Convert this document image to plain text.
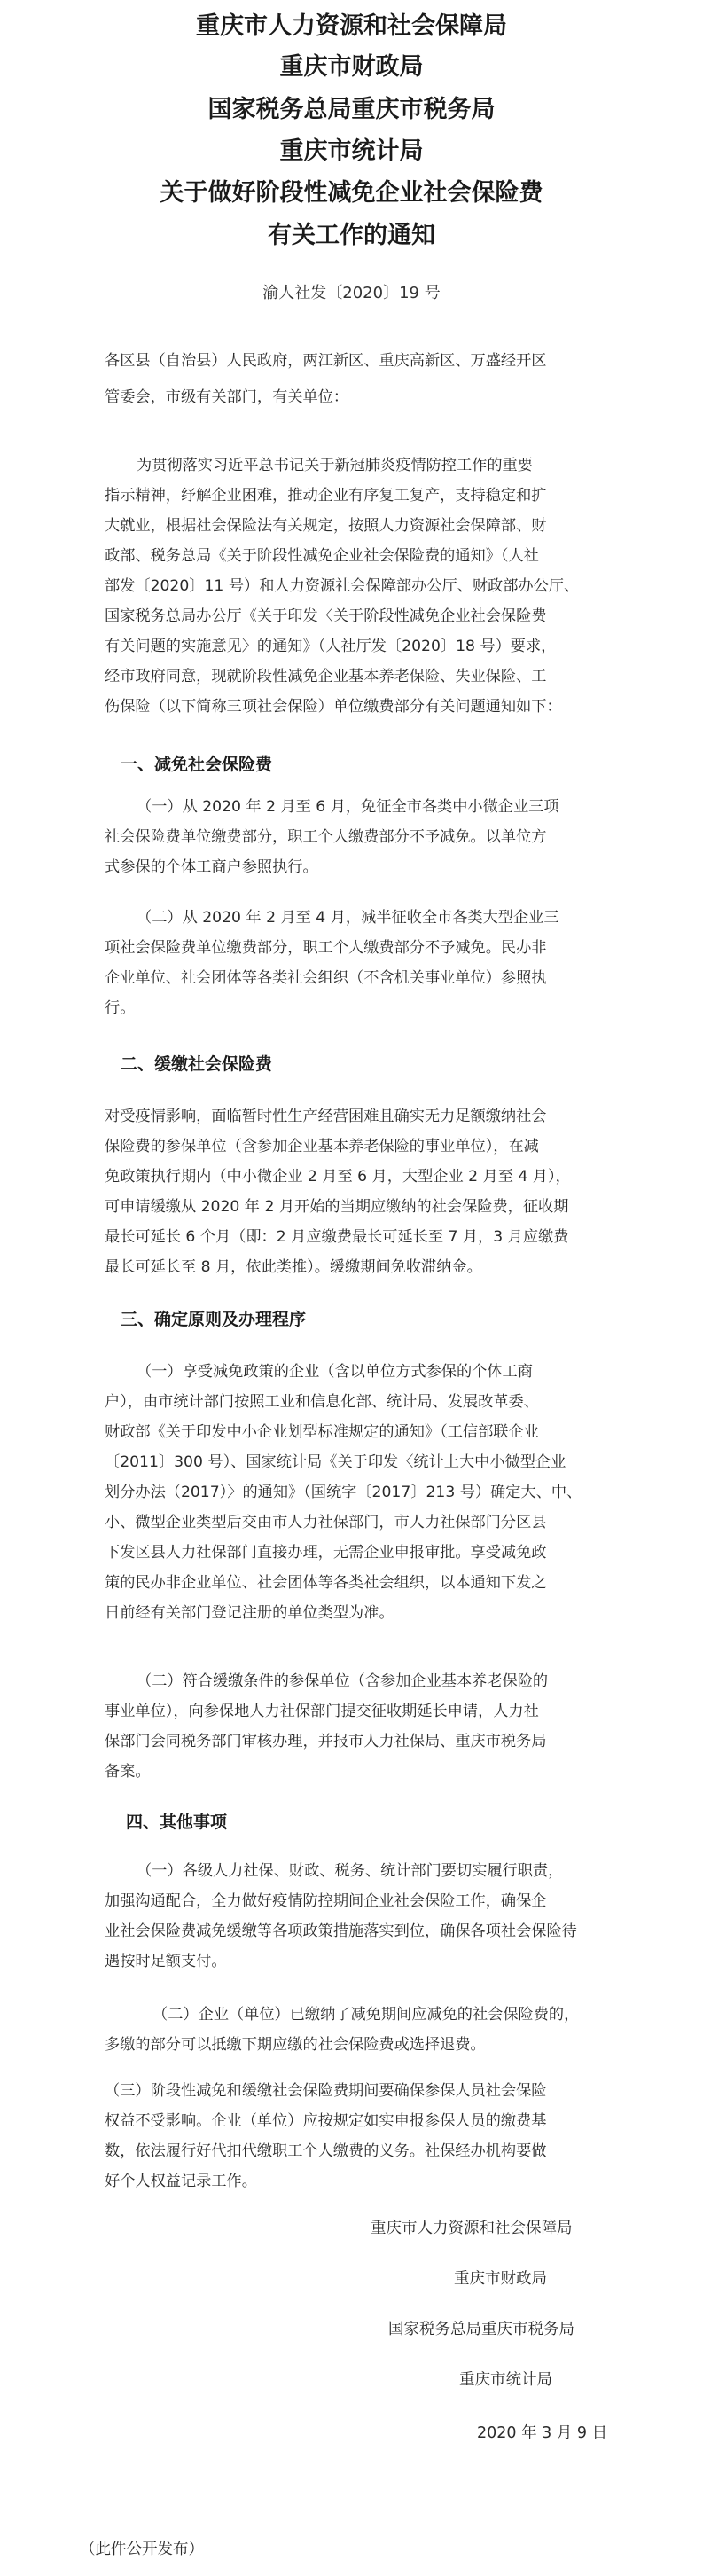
重庆市人力资源和社会保障局
重庆市财政局
国家税务总局重庆市税务局
重庆市统计局
关于做好阶段性减免企业社会保险费
有关工作的通知
渝人社发〔2020〕19 号
各区县（自治县）人民政府，两江新区、重庆高新区、万盛经开区
管委会，市级有关部门，有关单位：
为贯彻落实习近平总书记关于新冠肺炎疫情防控工作的重要
指示精神，纾解企业困难，推动企业有序复工复产，支持稳定和扩
大就业，根据社会保险法有关规定，按照人力资源社会保障部、财
政部、税务总局《关于阶段性减免企业社会保险费的通知》（人社
部发〔2020〕11 号）和人力资源社会保障部办公厅、财政部办公厅、
国家税务总局办公厅《关于印发〈关于阶段性减免企业社会保险费
有关问题的实施意见〉的通知》（人社厅发〔2020〕18 号）要求，
经市政府同意，现就阶段性减免企业基本养老保险、失业保险、工
伤保险（以下简称三项社会保险）单位缴费部分有关问题通知如下：
一、减免社会保险费
（一）从 2020 年 2 月至 6 月，免征全市各类中小微企业三项
社会保险费单位缴费部分，职工个人缴费部分不予减免。以单位方
式参保的个体工商户参照执行。
（二）从 2020 年 2 月至 4 月，减半征收全市各类大型企业三
项社会保险费单位缴费部分，职工个人缴费部分不予减免。民办非
企业单位、社会团体等各类社会组织（不含机关事业单位）参照执
行。
二、缓缴社会保险费
对受疫情影响，面临暂时性生产经营困难且确实无力足额缴纳社会
保险费的参保单位（含参加企业基本养老保险的事业单位），在减
免政策执行期内（中小微企业 2 月至 6 月，大型企业 2 月至 4 月），
可申请缓缴从 2020 年 2 月开始的当期应缴纳的社会保险费，征收期
最长可延长 6 个月（即：2 月应缴费最长可延长至 7 月，3 月应缴费
最长可延长至 8 月，依此类推）。缓缴期间免收滞纳金。
三、确定原则及办理程序
（一）享受减免政策的企业（含以单位方式参保的个体工商
户），由市统计部门按照工业和信息化部、统计局、发展改革委、
财政部《关于印发中小企业划型标准规定的通知》（工信部联企业
〔2011〕300 号）、国家统计局《关于印发〈统计上大中小微型企业
划分办法（2017）〉的通知》（国统字〔2017〕213 号）确定大、中、
小、微型企业类型后交由市人力社保部门，市人力社保部门分区县
下发区县人力社保部门直接办理，无需企业申报审批。享受减免政
策的民办非企业单位、社会团体等各类社会组织，以本通知下发之
日前经有关部门登记注册的单位类型为准。
（二）符合缓缴条件的参保单位（含参加企业基本养老保险的
事业单位），向参保地人力社保部门提交征收期延长申请，人力社
保部门会同税务部门审核办理，并报市人力社保局、重庆市税务局
备案。
四、其他事项
（一）各级人力社保、财政、税务、统计部门要切实履行职责，
加强沟通配合，全力做好疫情防控期间企业社会保险工作，确保企
业社会保险费减免缓缴等各项政策措施落实到位，确保各项社会保险待
遇按时足额支付。
（二）企业（单位）已缴纳了减免期间应减免的社会保险费的，
多缴的部分可以抵缴下期应缴的社会保险费或选择退费。
（三）阶段性减免和缓缴社会保险费期间要确保参保人员社会保险
权益不受影响。企业（单位）应按规定如实申报参保人员的缴费基
数，依法履行好代扣代缴职工个人缴费的义务。社保经办机构要做
好个人权益记录工作。
重庆市人力资源和社会保障局
重庆市财政局
国家税务总局重庆市税务局
重庆市统计局
2020 年 3 月 9 日
（此件公开发布）
